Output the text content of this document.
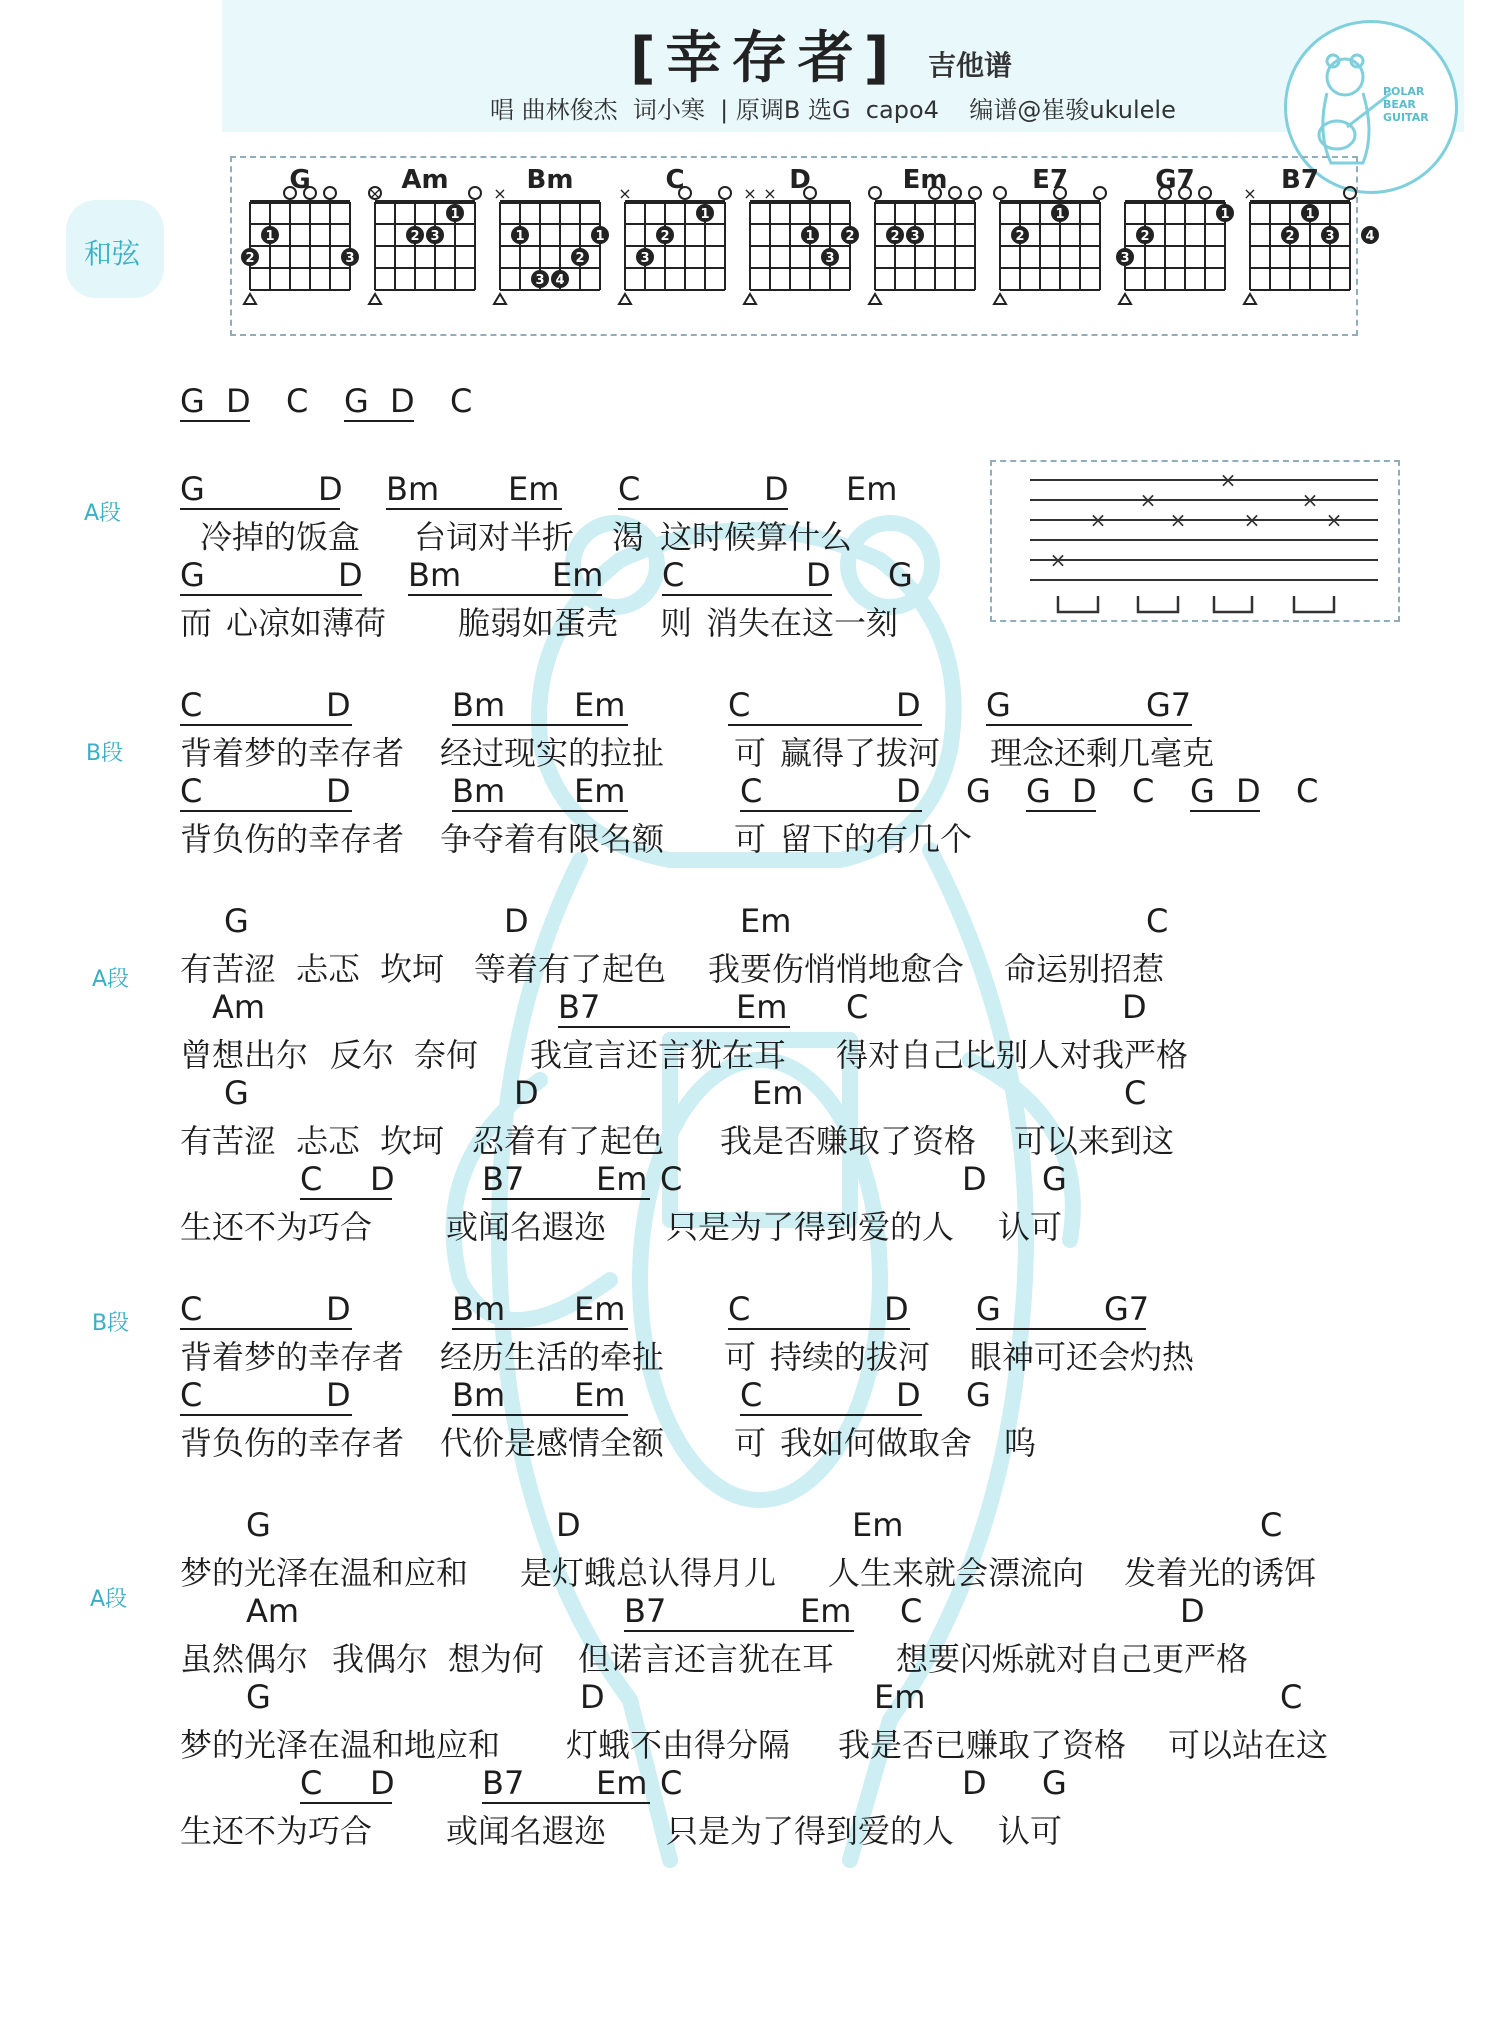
[幸存者] 吉他谱
唱 曲林俊杰  词小寒  | 原调B 选G  capo4    编谱@崔骏ukulele
POLAR
BEAR
GUITAR
和弦
G
1
2	3
Am
×
1
2 3
Bm
×
1	1
2
3 4
C
×
1
2
3
D
× ×
1 2
3
Em
2 3
E7
1
2
G7
1
2
3
B7
×
1
2 3 4
×
×
×
×
×
×
×
×
G D C G D C
A段
B段
A段
B段
A段
G	D Bm Em C	D Em
冷掉的饭盒 台词对半折 渴 这时候算什么
G	D Bm	Em C	D G
而 心凉如薄荷 脆弱如蛋壳 则 消失在这一刻
C	D	Bm Em	C	D G	G7
背着梦的幸存者 经过现实的拉扯 可 赢得了拔河 理念还剩几毫克
C	D	Bm Em	C	D G G D C G D C
背负伤的幸存者 争夺着有限名额 可 留下的有几个
G	D	Em	C
有苦涩 忐忑 坎坷 等着有了起色 我要伤悄悄地愈合 命运别招惹
Am	B7	Em C	D
曾想出尔 反尔 奈何 我宣言还言犹在耳 得对自己比别人对我严格
G	D	Em	C
有苦涩 忐忑 坎坷 忍着有了起色 我是否赚取了资格 可以来到这
C D	B7 Em C	D G
生还不为巧合 或闻名遐迩 只是为了得到爱的人 认可
C	D	Bm Em	C	D G	G7
背着梦的幸存者 经历生活的牵扯 可 持续的拔河 眼神可还会灼热
C	D	Bm Em	C	D G
背负伤的幸存者 代价是感情全额 可 我如何做取舍 呜
G	D	Em	C
梦的光泽在温和应和 是灯蛾总认得月儿 人生来就会漂流向 发着光的诱饵
Am	B7	Em C	D
虽然偶尔 我偶尔 想为何 但诺言还言犹在耳 想要闪烁就对自己更严格
G	D	Em	C
梦的光泽在温和地应和 灯蛾不由得分隔 我是否已赚取了资格 可以站在这
C D	B7 Em C	D G
生还不为巧合 或闻名遐迩 只是为了得到爱的人 认可
